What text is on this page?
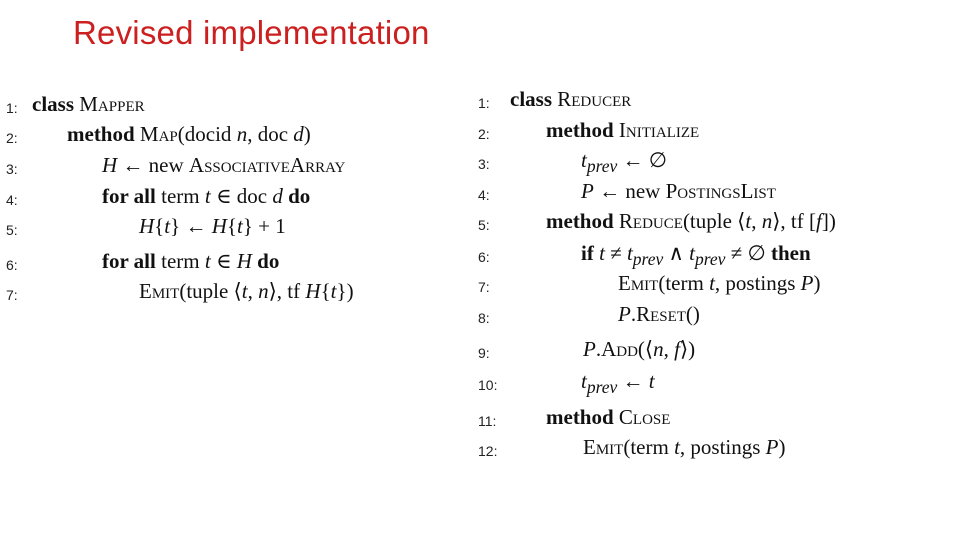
Revised implementation
1: class Mapper
2:	method Map(docid n, doc d)
3:	H ← new AssociativeArray
4:	for all term t ∈ doc d do
5:	H{t} ← H{t} + 1
6:	for all term t ∈ H do
7:	Emit(tuple ⟨t, n⟩, tf H{t})
1: class Reducer
2:	method Initialize
3:	$t_{prev}$ ← ∅
4:	P ← new PostingsList
5:	method Reduce(tuple ⟨t, n⟩, tf [f])
6:	if $t \ne t_{prev}$ ∧ $t_{prev}$ ≠ ∅ then
7:	Emit(term t, postings P)
8:	P.Reset()
9:	P.Add(⟨n, f⟩)
10:	$t_{prev}$ ← t
11:	method Close
12:	Emit(term t, postings P)
